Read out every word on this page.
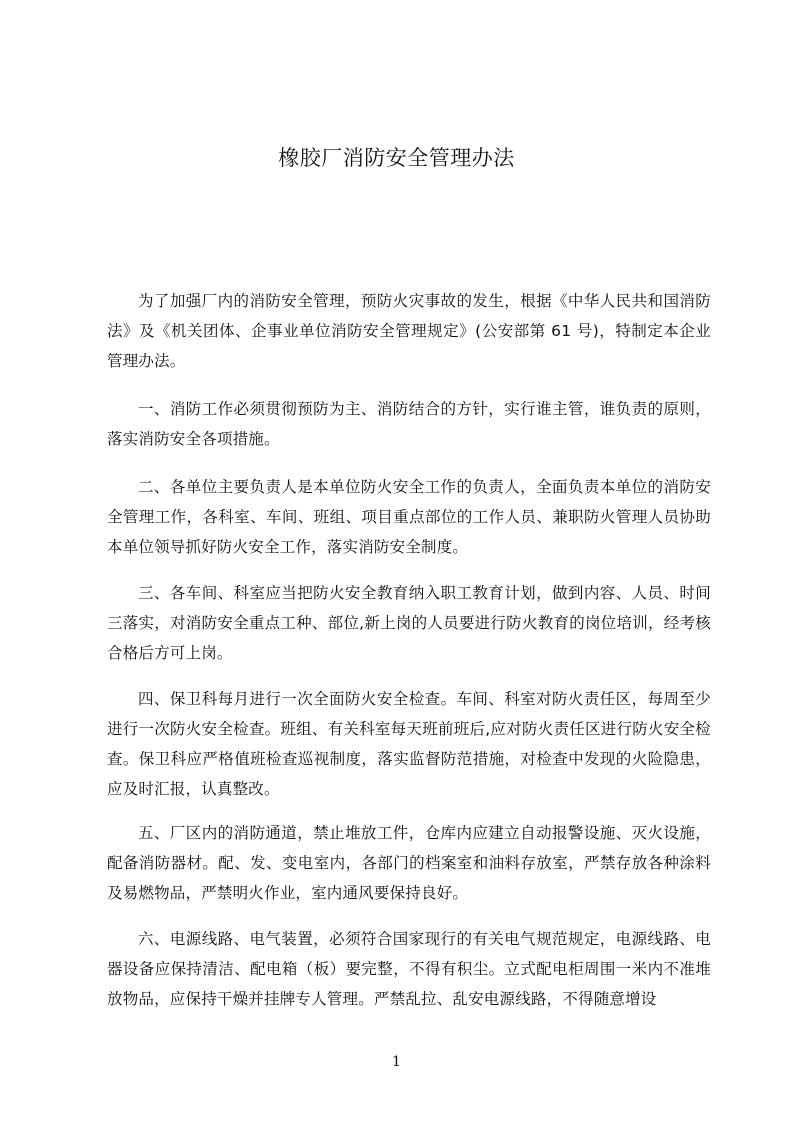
橡胶厂消防安全管理办法

为了加强厂内的消防安全管理，预防火灾事故的发生，根据《中华人民共和国消防法》及《机关团体、企事业单位消防安全管理规定》(公安部第 61 号)，特制定本企业管理办法。

一、消防工作必须贯彻预防为主、消防结合的方针，实行谁主管，谁负责的原则，落实消防安全各项措施。

二、各单位主要负责人是本单位防火安全工作的负责人，全面负责本单位的消防安全管理工作，各科室、车间、班组、项目重点部位的工作人员、兼职防火管理人员协助本单位领导抓好防火安全工作，落实消防安全制度。

三、各车间、科室应当把防火安全教育纳入职工教育计划，做到内容、人员、时间三落实，对消防安全重点工种、部位,新上岗的人员要进行防火教育的岗位培训，经考核合格后方可上岗。

四、保卫科每月进行一次全面防火安全检查。车间、科室对防火责任区，每周至少进行一次防火安全检查。班组、有关科室每天班前班后,应对防火责任区进行防火安全检查。保卫科应严格值班检查巡视制度，落实监督防范措施，对检查中发现的火险隐患，应及时汇报，认真整改。

五、厂区内的消防通道，禁止堆放工件，仓库内应建立自动报警设施、灭火设施，配备消防器材。配、发、变电室内，各部门的档案室和油料存放室，严禁存放各种涂料及易燃物品，严禁明火作业，室内通风要保持良好。

六、电源线路、电气装置，必须符合国家现行的有关电气规范规定，电源线路、电器设备应保持清洁、配电箱（板）要完整，不得有积尘。立式配电柜周围一米内不准堆放物品，应保持干燥并挂牌专人管理。严禁乱拉、乱安电源线路，不得随意增设

1
